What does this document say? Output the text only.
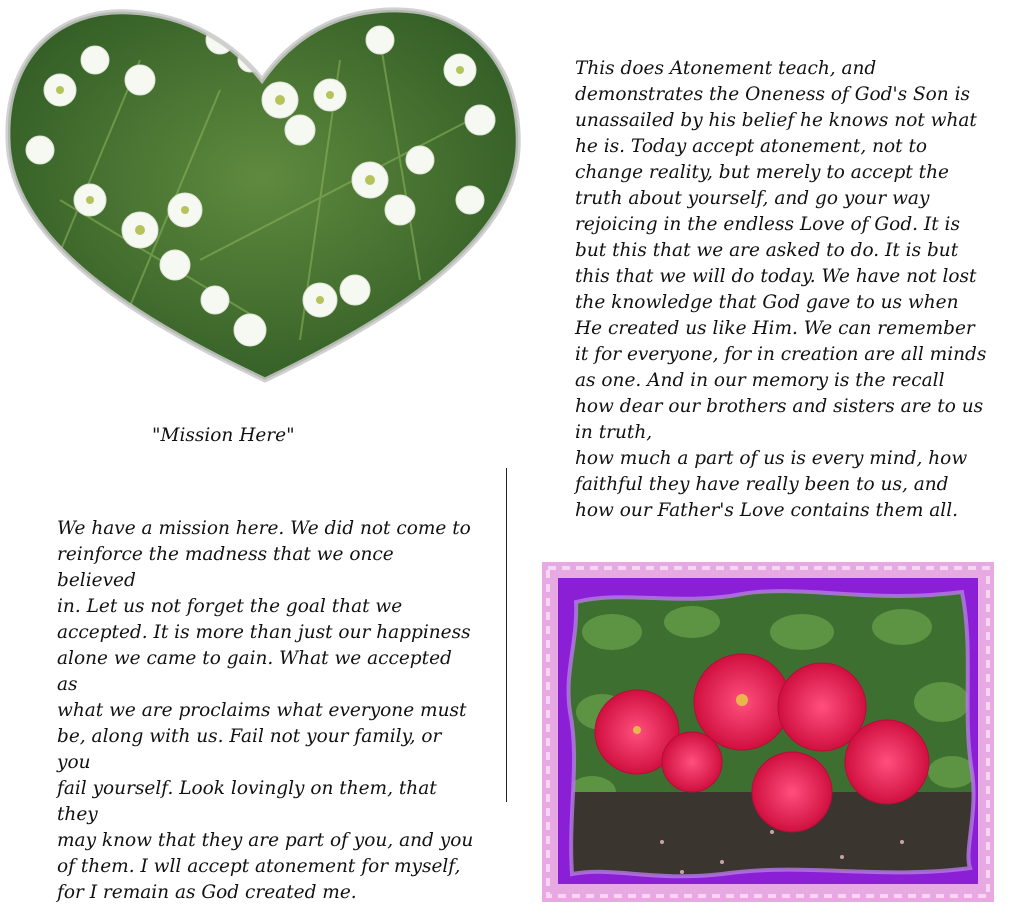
"Mission Here"
We have a mission here. We did not come to
reinforce the madness that we once believed
in. Let us not forget the goal that we
accepted. It is more than just our happiness
alone we came to gain. What we accepted as
what we are proclaims what everyone must
be, along with us. Fail not your family, or you
fail yourself. Look lovingly on them, that they
may know that they are part of you, and you
of them. I wll accept atonement for myself,
for I remain as God created me.
This does Atonement teach, and
demonstrates the Oneness of God's Son is
unassailed by his belief he knows not what
he is. Today accept atonement, not to
change reality, but merely to accept the
truth about yourself, and go your way
rejoicing in the endless Love of God. It is
but this that we are asked to do. It is but
this that we will do today. We have not lost
the knowledge that God gave to us when
He created us like Him. We can remember
it for everyone, for in creation are all minds
as one. And in our memory is the recall
how dear our brothers and sisters are to us
in truth,
how much a part of us is every mind, how
faithful they have really been to us, and
how our Father's Love contains them all.
